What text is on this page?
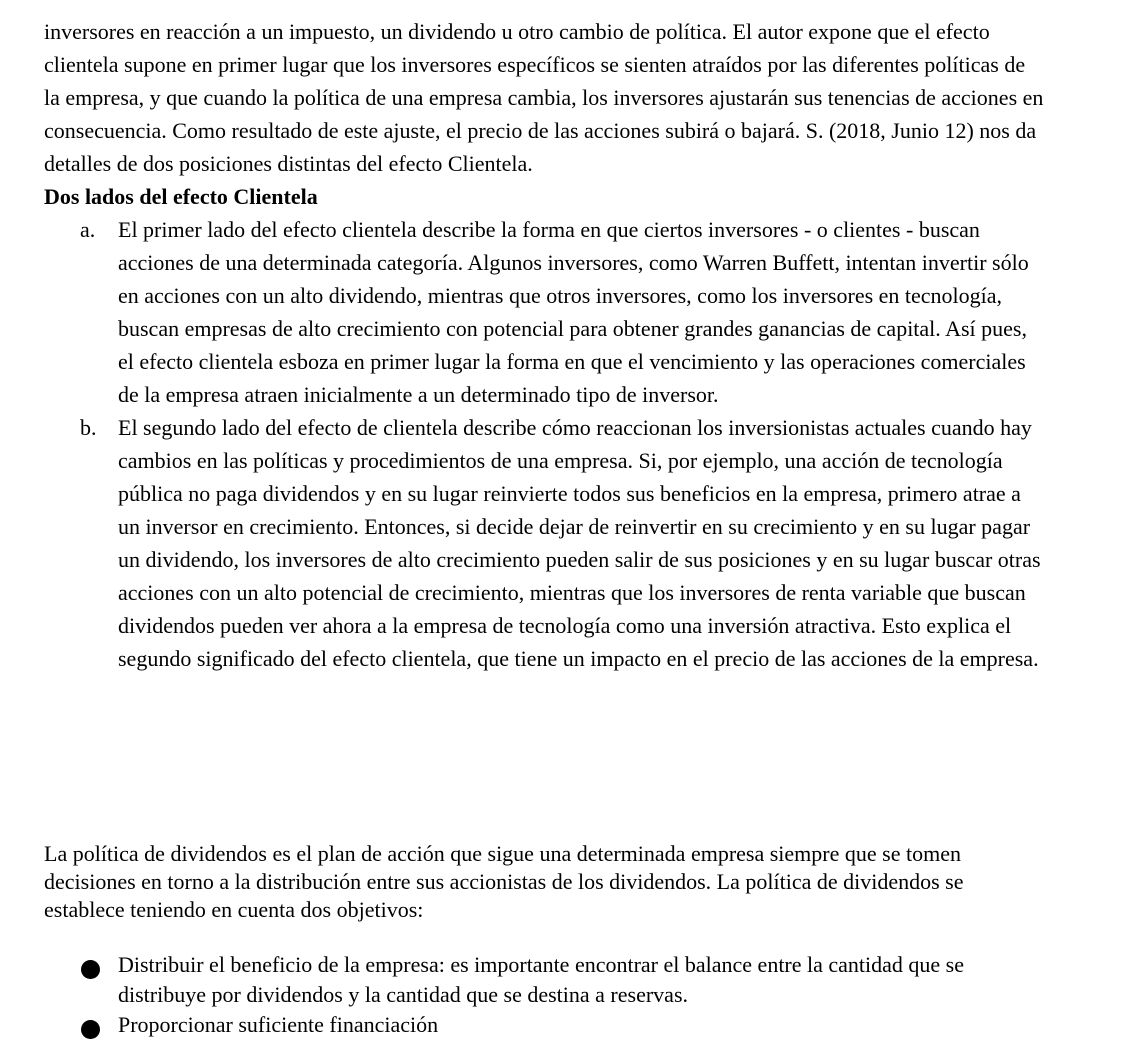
inversores en reacción a un impuesto, un dividendo u otro cambio de política. El autor expone que el efecto clientela supone en primer lugar que los inversores específicos se sienten atraídos por las diferentes políticas de la empresa, y que cuando la política de una empresa cambia, los inversores ajustarán sus tenencias de acciones en consecuencia. Como resultado de este ajuste, el precio de las acciones subirá o bajará. S. (2018, Junio 12) nos da detalles de dos posiciones distintas del efecto Clientela.

Dos lados del efecto Clientela

a. El primer lado del efecto clientela describe la forma en que ciertos inversores - o clientes - buscan acciones de una determinada categoría. Algunos inversores, como Warren Buffett, intentan invertir sólo en acciones con un alto dividendo, mientras que otros inversores, como los inversores en tecnología, buscan empresas de alto crecimiento con potencial para obtener grandes ganancias de capital. Así pues, el efecto clientela esboza en primer lugar la forma en que el vencimiento y las operaciones comerciales de la empresa atraen inicialmente a un determinado tipo de inversor.
b. El segundo lado del efecto de clientela describe cómo reaccionan los inversionistas actuales cuando hay cambios en las políticas y procedimientos de una empresa. Si, por ejemplo, una acción de tecnología pública no paga dividendos y en su lugar reinvierte todos sus beneficios en la empresa, primero atrae a un inversor en crecimiento. Entonces, si decide dejar de reinvertir en su crecimiento y en su lugar pagar un dividendo, los inversores de alto crecimiento pueden salir de sus posiciones y en su lugar buscar otras acciones con un alto potencial de crecimiento, mientras que los inversores de renta variable que buscan dividendos pueden ver ahora a la empresa de tecnología como una inversión atractiva. Esto explica el segundo significado del efecto clientela, que tiene un impacto en el precio de las acciones de la empresa.

La política de dividendos es el plan de acción que sigue una determinada empresa siempre que se tomen decisiones en torno a la distribución entre sus accionistas de los dividendos. La política de dividendos se establece teniendo en cuenta dos objetivos:

Distribuir el beneficio de la empresa: es importante encontrar el balance entre la cantidad que se distribuye por dividendos y la cantidad que se destina a reservas.
Proporcionar suficiente financiación
